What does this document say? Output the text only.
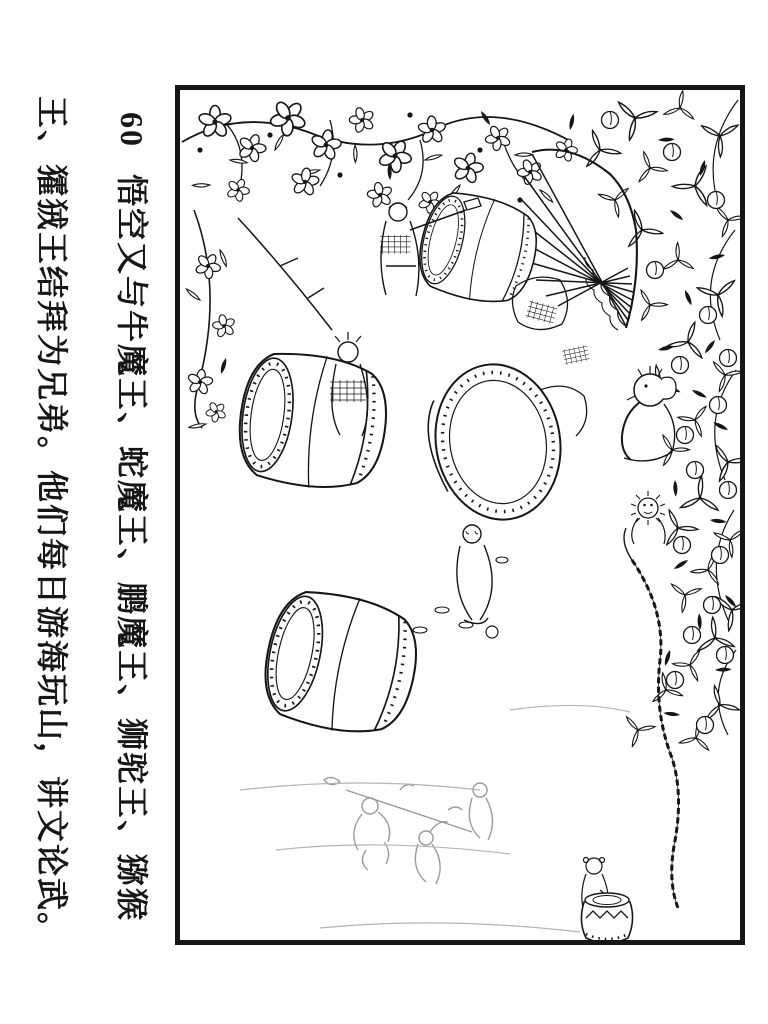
60悟空又与牛魔王、蛇魔王、鹏魔王、狮驼王、猕猴
王、㺢狨王结拜为兄弟。他们每日游海玩山，讲文论武。
